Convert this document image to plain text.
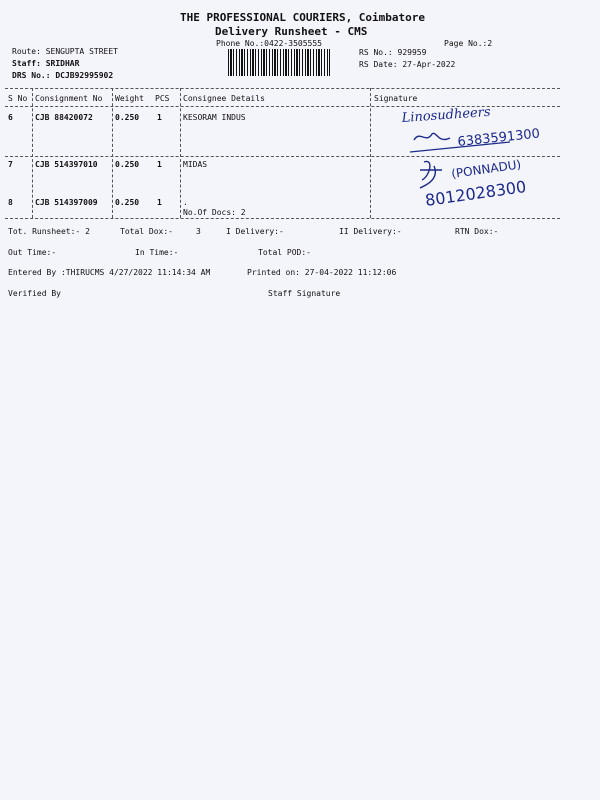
THE PROFESSIONAL COURIERS, Coimbatore
Delivery Runsheet - CMS
Phone No.:0422-3505555	Page No.:2
Route: SENGUPTA STREET
Staff: SRIDHAR
DRS No.: DCJB92995902
RS No.: 929959
RS Date: 27-Apr-2022
S No Consignment No Weight PCS Consignee Details	Signature
6	CJB 88420072	0.250 1	KESORAM INDUS
7	CJB 514397010 0.250 1	MIDAS
8	CJB 514397009 0.250 1	.
No.Of Docs: 2
Linosudheers
6383591300
(PONNADU)
8012028300
Tot. Runsheet:- 2	Total Dox:-	3	I Delivery:-	II Delivery:-	RTN Dox:-
Out Time:-	In Time:-	Total POD:-
Entered By :THIRUCMS 4/27/2022 11:14:34 AM	Printed on: 27-04-2022 11:12:06
Verified By	Staff Signature
